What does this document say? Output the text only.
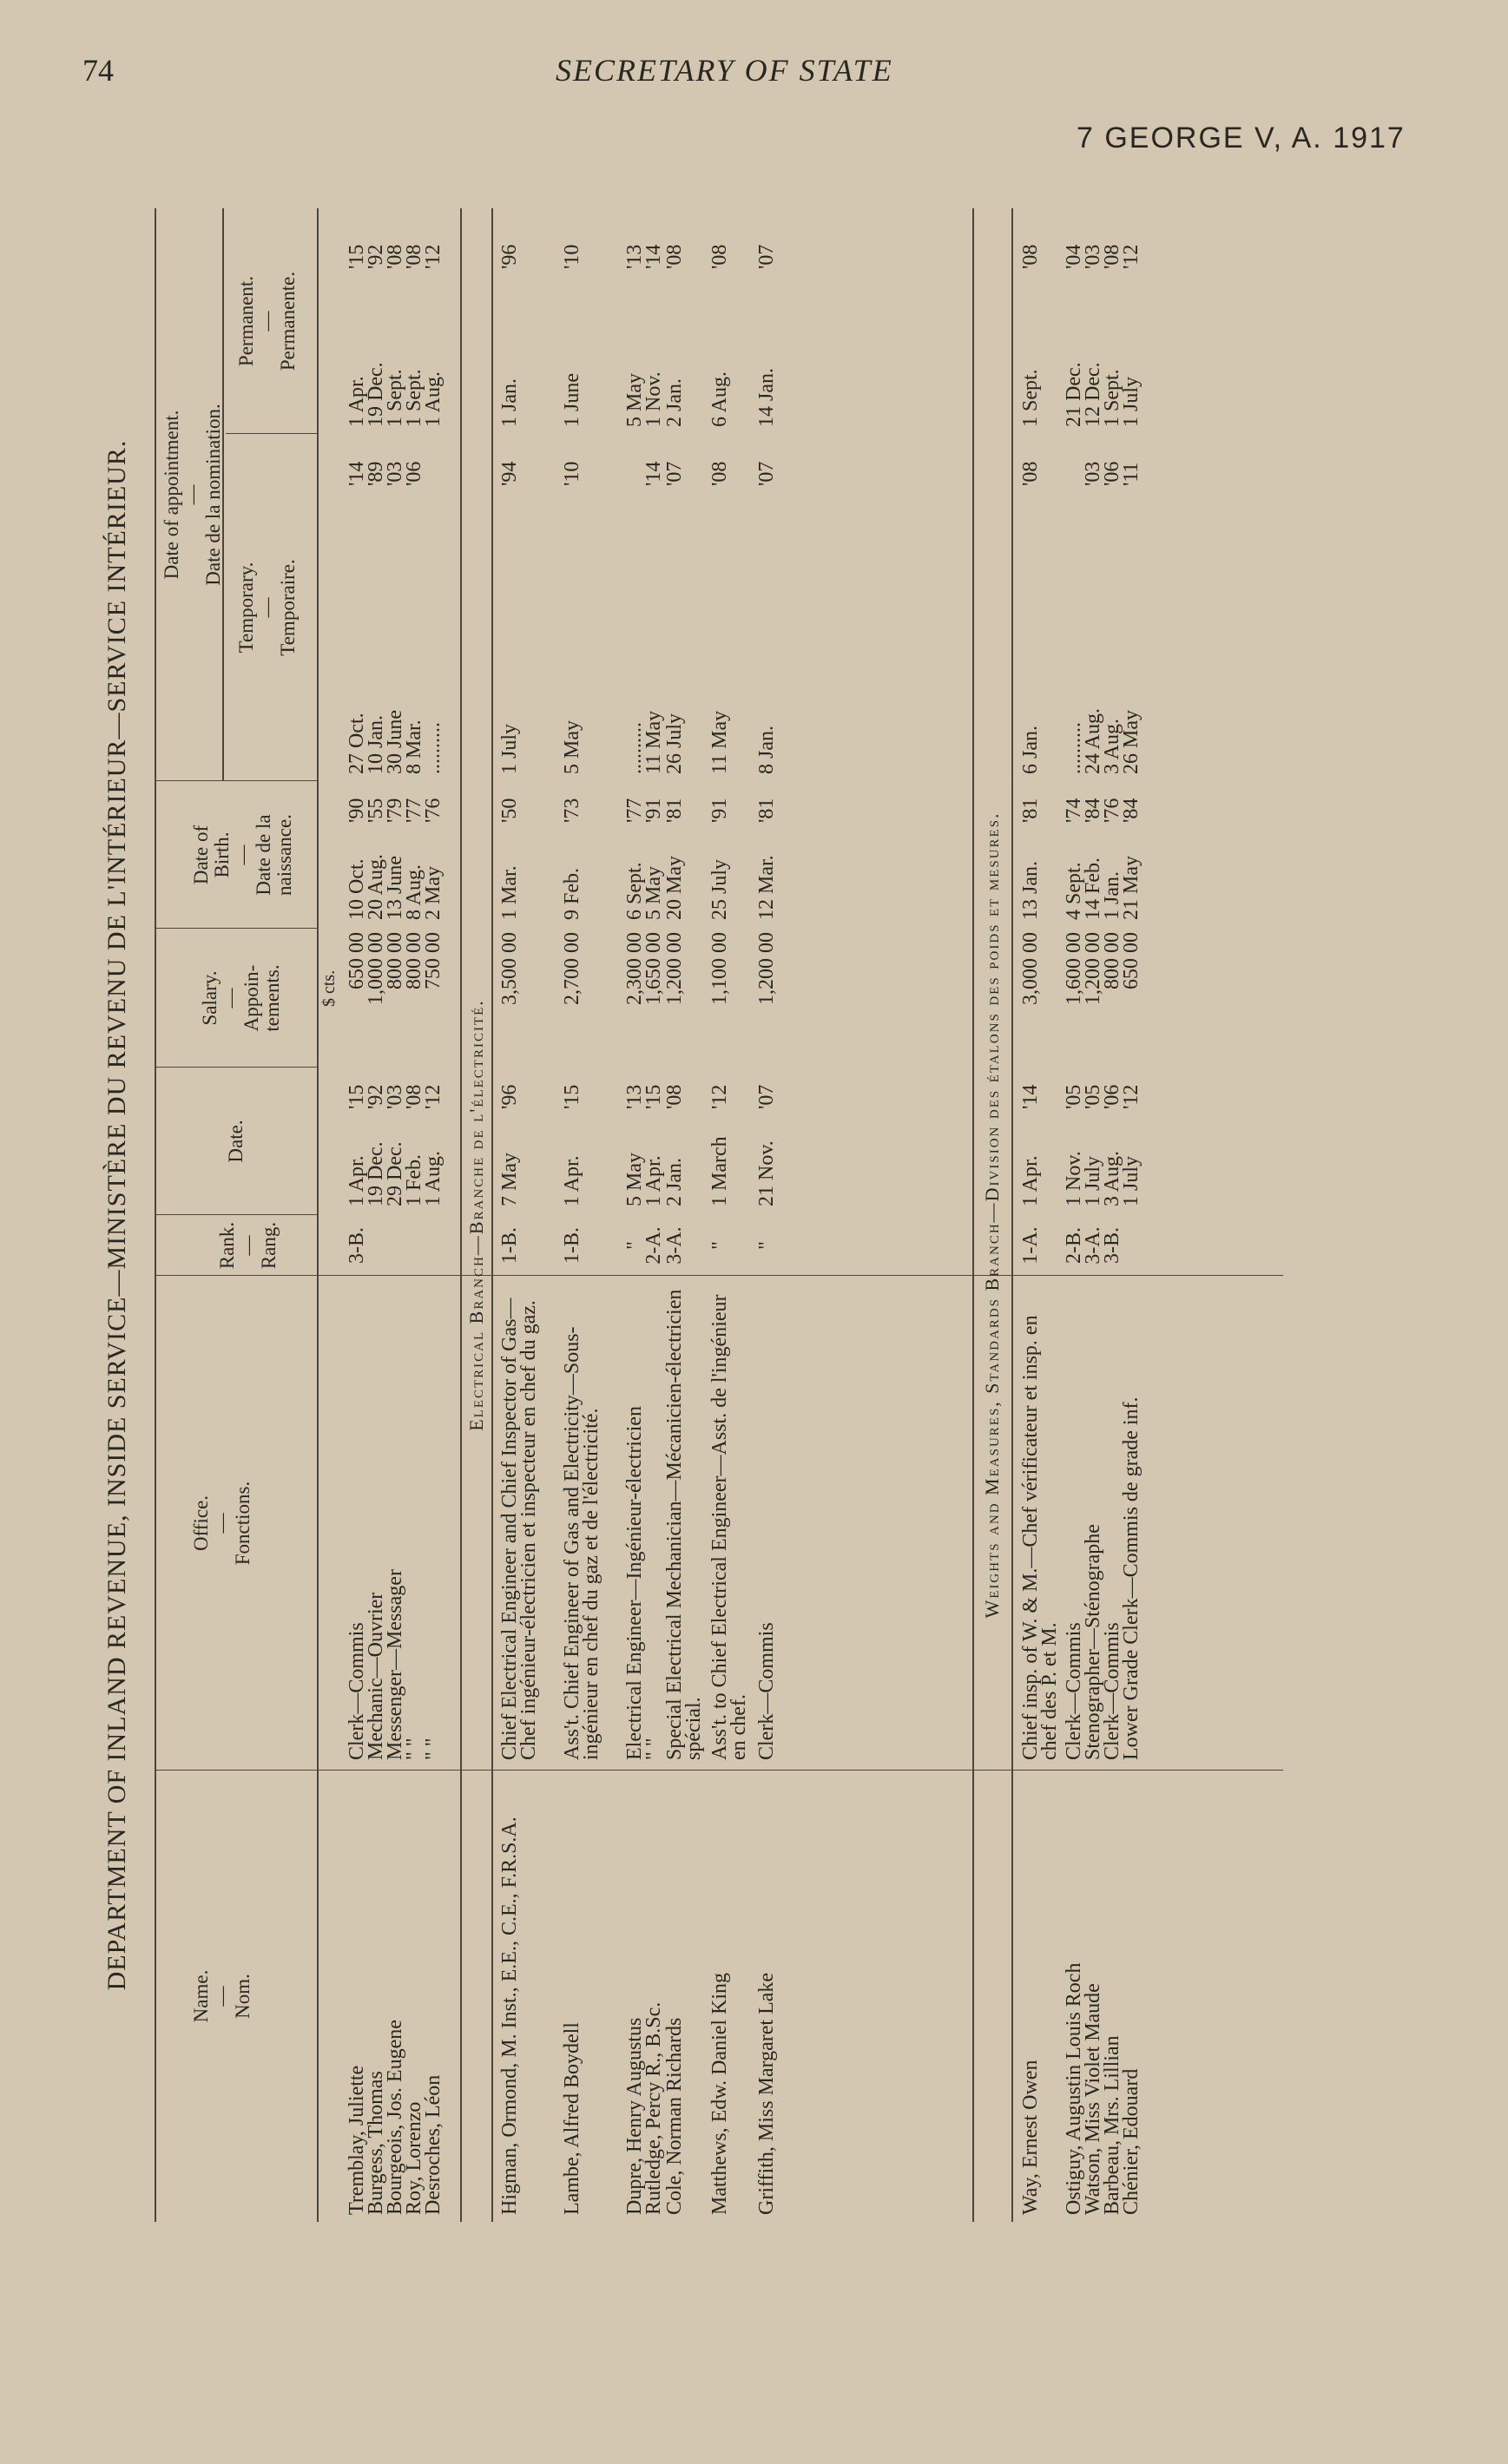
74	SECRETARY OF STATE
7 GEORGE V, A. 1917
DEPARTMENT OF INLAND REVENUE, INSIDE SERVICE—MINISTÈRE DU REVENU DE L'INTÉRIEUR—SERVICE INTÉRIEUR.
Name. — Nom.
Office. — Fonctions.
Rank. — Rang.
Date.
Salary. — Appoin- tements.
Date of Birth. — Date de la naissance.
Date of appointment. — Date de la nomination.
Temporary. — Temporaire.
Permanent. — Permanente.
$ cts.
Tremblay, Juliette
Clerk—Commis
3-B.
1 Apr.
'15
650 00
10 Oct.
'90
27 Oct.
'14
1 Apr.
'15
Burgess, Thomas
Mechanic—Ouvrier
19 Dec.
'92
1,000 00
20 Aug.
'55
10 Jan.
'89
19 Dec.
'92
Bourgeois, Jos. Eugene
Messenger—Messager
29 Dec.
'03
800 00
13 June
'79
30 June
'03
1 Sept.
'08
Roy, Lorenzo
" "
1 Feb.
'08
800 00
8 Aug.
'77
8 Mar.
'06
1 Sept.
'08
Desroches, Léon
" "
1 Aug.
'12
750 00
2 May
'76
..........
1 Aug.
'12
Electrical Branch—Branche de l'électricité.
Higman, Ormond, M. Inst., E.E., C.E., F.R.S.A.
Chief Electrical Engineer and Chief Inspector of Gas—Chef ingénieur-électricien et inspecteur en chef du gaz.
1-B.
7 May
'96
3,500 00
1 Mar.
'50
1 July
'94
1 Jan.
'96
Lambe, Alfred Boydell
Ass't. Chief Engineer of Gas and Electricity—Sous-ingénieur en chef du gaz et de l'électricité.
1-B.
1 Apr.
'15
2,700 00
9 Feb.
'73
5 May
'10
1 June
'10
Dupre, Henry Augustus
Electrical Engineer—Ingénieur-électricien
"
5 May
'13
2,300 00
6 Sept.
'77
..........
5 May
'13
Rutledge, Percy R., B.Sc.
" "
2-A.
1 Apr.
'15
1,650 00
5 May
'91
11 May
'14
1 Nov.
'14
Cole, Norman Richards
Special Electrical Mechanician—Mécanicien-électricien spécial.
3-A.
2 Jan.
'08
1,200 00
20 May
'81
26 July
'07
2 Jan.
'08
Matthews, Edw. Daniel King
Ass't. to Chief Electrical Engineer—Asst. de l'ingénieur en chef.
"
1 March
'12
1,100 00
25 July
'91
11 May
'08
6 Aug.
'08
Griffith, Miss Margaret Lake
Clerk—Commis
"
21 Nov.
'07
1,200 00
12 Mar.
'81
8 Jan.
'07
14 Jan.
'07
Weights and Measures, Standards Branch—Division des étalons des poids et mesures.
Way, Ernest Owen
Chief insp. of W. & M.—Chef vérificateur et insp. en chef des P. et M.
1-A.
1 Apr.
'14
3,000 00
13 Jan.
'81
6 Jan.
'08
1 Sept.
'08
Ostiguy, Augustin Louis Roch
Clerk—Commis
2-B.
1 Nov.
'05
1,600 00
4 Sept.
'74
..........
21 Dec.
'04
Watson, Miss Violet Maude
Stenographer—Sténographe
3-A.
1 July
'05
1,200 00
14 Feb.
'84
24 Aug.
'03
12 Dec.
'03
Barbeau, Mrs. Lillian
Clerk—Commis
3-B.
3 Aug.
'06
800 00
1 Jan.
'76
3 Aug.
'06
1 Sept.
'08
Chénier, Edouard
Lower Grade Clerk—Commis de grade inf.
1 July
'12
650 00
21 May
'84
26 May
'11
1 July
'12
